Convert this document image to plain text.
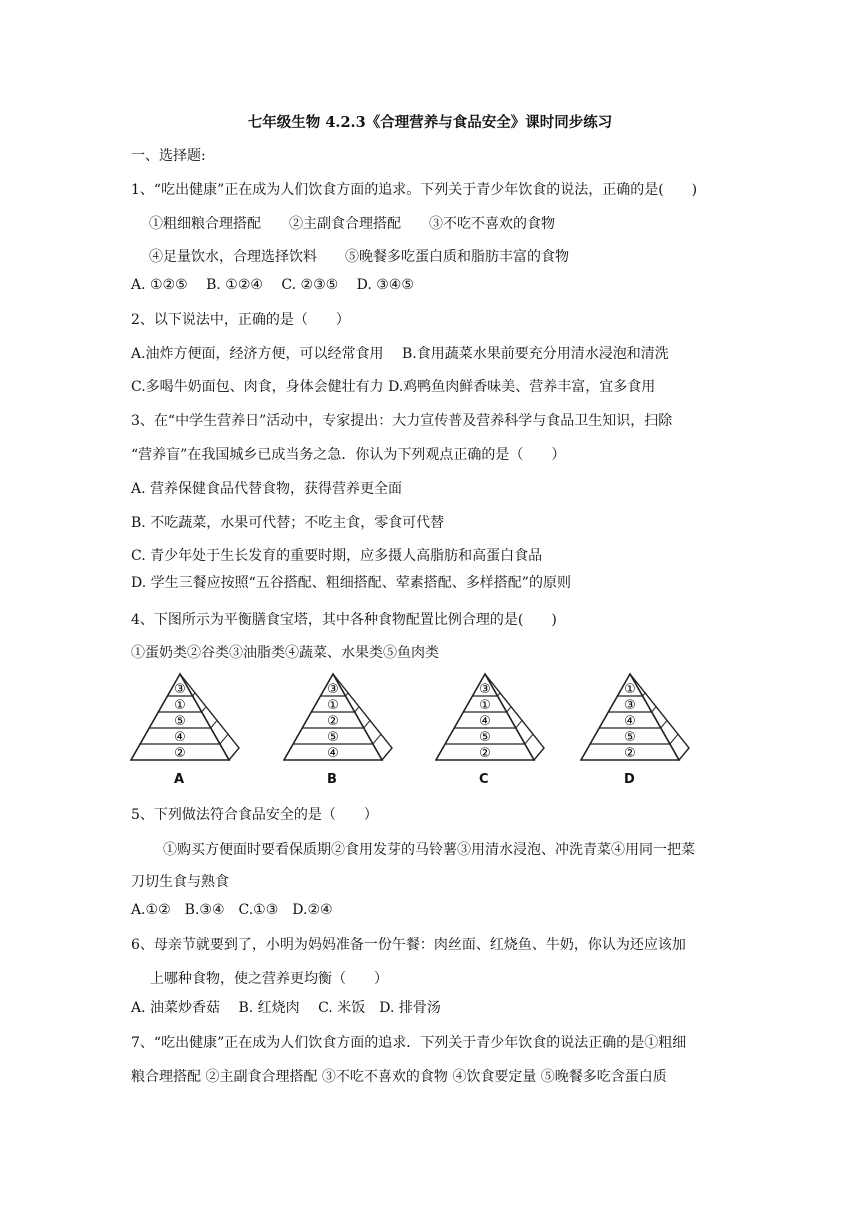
七年级生物 4.2.3《合理营养与食品安全》课时同步练习
一、选择题:
1、“吃出健康”正在成为人们饮食方面的追求。下列关于青少年饮食的说法，正确的是(　　)
①粗细粮合理搭配　　②主副食合理搭配　　③不吃不喜欢的食物
④足量饮水，合理选择饮料　　⑤晚餐多吃蛋白质和脂肪丰富的食物
A. ①②⑤　 B. ①②④　 C. ②③⑤　 D. ③④⑤
2、以下说法中，正确的是（　　）
A.油炸方便面，经济方便，可以经常食用　 B.食用蔬菜水果前要充分用清水浸泡和清洗
C.多喝牛奶面包、肉食，身体会健壮有力 D.鸡鸭鱼肉鲜香味美、营养丰富，宜多食用
3、在“中学生营养日”活动中，专家提出：大力宣传普及营养科学与食品卫生知识，扫除
“营养盲”在我国城乡已成当务之急．你认为下列观点正确的是（　　）
A. 营养保健食品代替食物，获得营养更全面
B. 不吃蔬菜，水果可代替；不吃主食，零食可代替
C. 青少年处于生长发育的重要时期，应多摄人高脂肪和高蛋白食品
D. 学生三餐应按照“五谷搭配、粗细搭配、荤素搭配、多样搭配”的原则
4、下图所示为平衡膳食宝塔，其中各种食物配置比例合理的是(　　)
①蛋奶类②谷类③油脂类④蔬菜、水果类⑤鱼肉类
③
①
⑤
④
②
A
③
①
②
⑤
④
B
③
①
④
⑤
②
C
①
③
④
⑤
②
D
5、下列做法符合食品安全的是（　　）
①购买方便面时要看保质期②食用发芽的马铃薯③用清水浸泡、冲洗青菜④用同一把菜
刀切生食与熟食
A.①②　B.③④　C.①③　D.②④
6、母亲节就要到了，小明为妈妈准备一份午餐：肉丝面、红烧鱼、牛奶，你认为还应该加
上哪种食物，使之营养更均衡（　　）
A. 油菜炒香菇　 B. 红烧肉　 C. 米饭　D. 排骨汤
7、“吃出健康”正在成为人们饮食方面的追求．下列关于青少年饮食的说法正确的是①粗细
粮合理搭配 ②主副食合理搭配 ③不吃不喜欢的食物 ④饮食要定量 ⑤晚餐多吃含蛋白质
